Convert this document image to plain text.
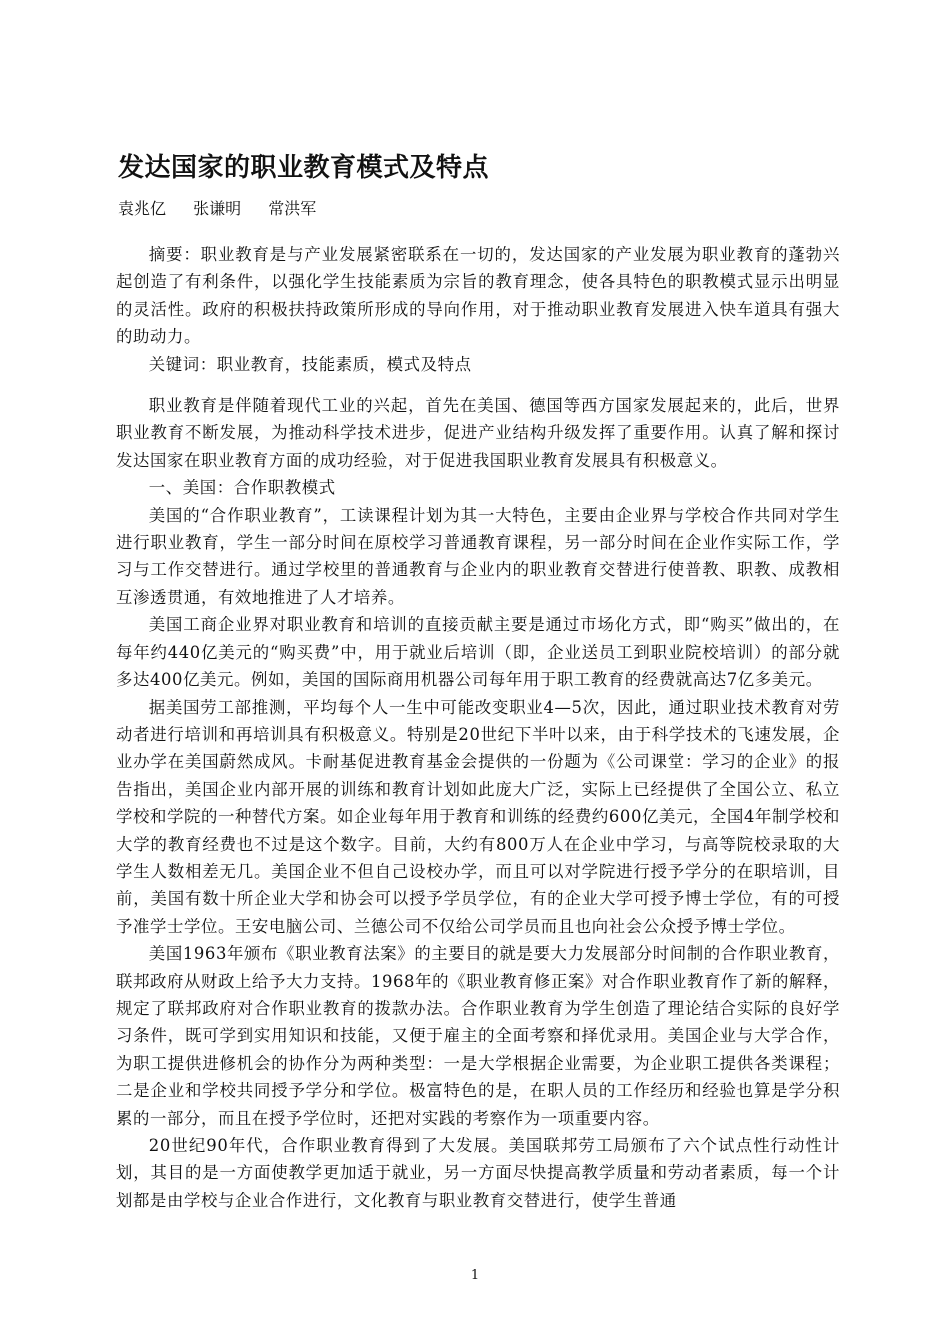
发达国家的职业教育模式及特点
袁兆亿 张谦明 常洪军

摘要：职业教育是与产业发展紧密联系在一切的，发达国家的产业发展为职业教育的蓬勃兴起创造了有利条件，以强化学生技能素质为宗旨的教育理念，使各具特色的职教模式显示出明显的灵活性。政府的积极扶持政策所形成的导向作用，对于推动职业教育发展进入快车道具有强大的助动力。

关键词：职业教育，技能素质，模式及特点

职业教育是伴随着现代工业的兴起，首先在美国、德国等西方国家发展起来的，此后，世界职业教育不断发展，为推动科学技术进步，促进产业结构升级发挥了重要作用。认真了解和探讨发达国家在职业教育方面的成功经验，对于促进我国职业教育发展具有积极意义。

一、美国：合作职教模式

美国的“合作职业教育”，工读课程计划为其一大特色，主要由企业界与学校合作共同对学生进行职业教育，学生一部分时间在原校学习普通教育课程，另一部分时间在企业作实际工作，学习与工作交替进行。通过学校里的普通教育与企业内的职业教育交替进行使普教、职教、成教相互渗透贯通，有效地推进了人才培养。

美国工商企业界对职业教育和培训的直接贡献主要是通过市场化方式，即“购买”做出的，在每年约440亿美元的“购买费”中，用于就业后培训（即，企业送员工到职业院校培训）的部分就多达400亿美元。例如，美国的国际商用机器公司每年用于职工教育的经费就高达7亿多美元。

据美国劳工部推测，平均每个人一生中可能改变职业4—5次，因此，通过职业技术教育对劳动者进行培训和再培训具有积极意义。特别是20世纪下半叶以来，由于科学技术的飞速发展，企业办学在美国蔚然成风。卡耐基促进教育基金会提供的一份题为《公司课堂：学习的企业》的报告指出，美国企业内部开展的训练和教育计划如此庞大广泛，实际上已经提供了全国公立、私立学校和学院的一种替代方案。如企业每年用于教育和训练的经费约600亿美元，全国4年制学校和大学的教育经费也不过是这个数字。目前，大约有800万人在企业中学习，与高等院校录取的大学生人数相差无几。美国企业不但自己设校办学，而且可以对学院进行授予学分的在职培训，目前，美国有数十所企业大学和协会可以授予学员学位，有的企业大学可授予博士学位，有的可授予准学士学位。王安电脑公司、兰德公司不仅给公司学员而且也向社会公众授予博士学位。

美国1963年颁布《职业教育法案》的主要目的就是要大力发展部分时间制的合作职业教育，联邦政府从财政上给予大力支持。1968年的《职业教育修正案》对合作职业教育作了新的解释，规定了联邦政府对合作职业教育的拨款办法。合作职业教育为学生创造了理论结合实际的良好学习条件，既可学到实用知识和技能，又便于雇主的全面考察和择优录用。美国企业与大学合作，为职工提供进修机会的协作分为两种类型：一是大学根据企业需要，为企业职工提供各类课程；二是企业和学校共同授予学分和学位。极富特色的是，在职人员的工作经历和经验也算是学分积累的一部分，而且在授予学位时，还把对实践的考察作为一项重要内容。

20世纪90年代，合作职业教育得到了大发展。美国联邦劳工局颁布了六个试点性行动性计划，其目的是一方面使教学更加适于就业，另一方面尽快提高教学质量和劳动者素质，每一个计划都是由学校与企业合作进行，文化教育与职业教育交替进行，使学生普通

1
